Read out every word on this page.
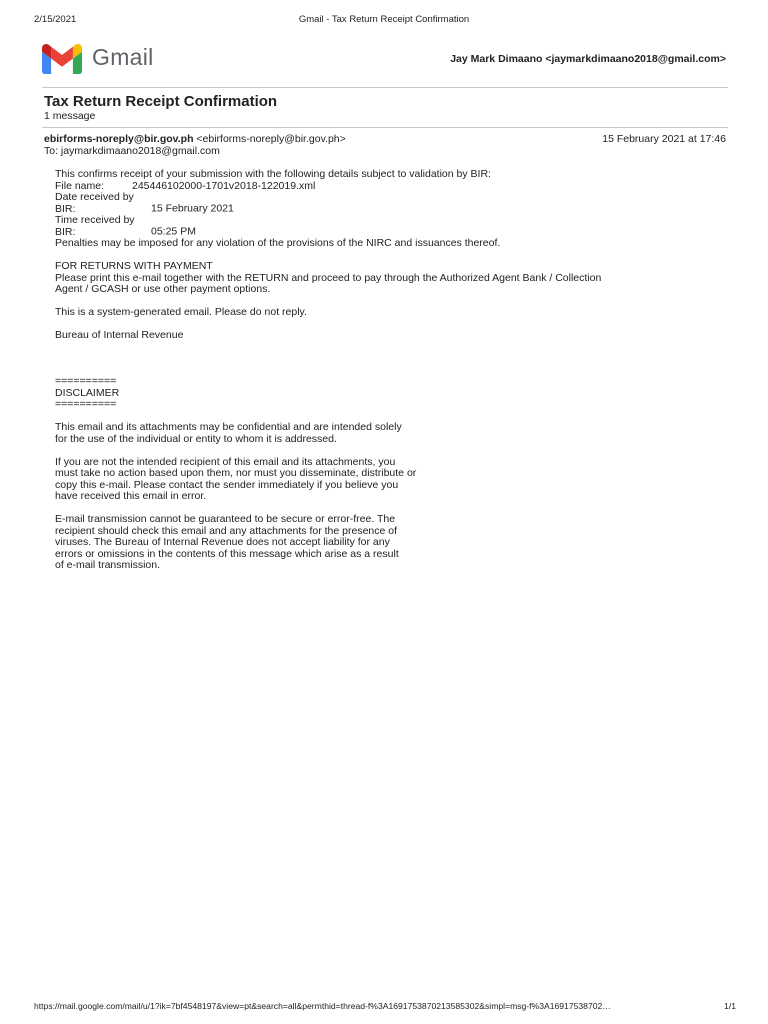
2/15/2021	Gmail - Tax Return Receipt Confirmation
Gmail	Jay Mark Dimaano <jaymarkdimaano2018@gmail.com>
Tax Return Receipt Confirmation
1 message
ebirforms-noreply@bir.gov.ph <ebirforms-noreply@bir.gov.ph>	15 February 2021 at 17:46
To: jaymarkdimaano2018@gmail.com

This confirms receipt of your submission with the following details subject to validation by BIR:

File name:	245446102000-1701v2018-122019.xml

Date received by BIR:	15 February 2021

Time received by BIR:	05:25 PM

Penalties may be imposed for any violation of the provisions of the NIRC and issuances thereof.

FOR RETURNS WITH PAYMENT

Please print this e-mail together with the RETURN and proceed to pay through the Authorized Agent Bank / Collection

Agent / GCASH or use other payment options.

This is a system-generated email. Please do not reply.

Bureau of Internal Revenue

==========

DISCLAIMER

==========

This email and its attachments may be confidential and are intended solely

for the use of the individual or entity to whom it is addressed.

If you are not the intended recipient of this email and its attachments, you

must take no action based upon them, nor must you disseminate, distribute or

copy this e-mail. Please contact the sender immediately if you believe you

have received this email in error.

E-mail transmission cannot be guaranteed to be secure or error-free. The

recipient should check this email and any attachments for the presence of

viruses. The Bureau of Internal Revenue does not accept liability for any

errors or omissions in the contents of this message which arise as a result

of e-mail transmission.

https://mail.google.com/mail/u/1?ik=7bf4548197&view=pt&search=all&permthid=thread-f%3A1691753870213585302&simpl=msg-f%3A16917538702…	1/1
